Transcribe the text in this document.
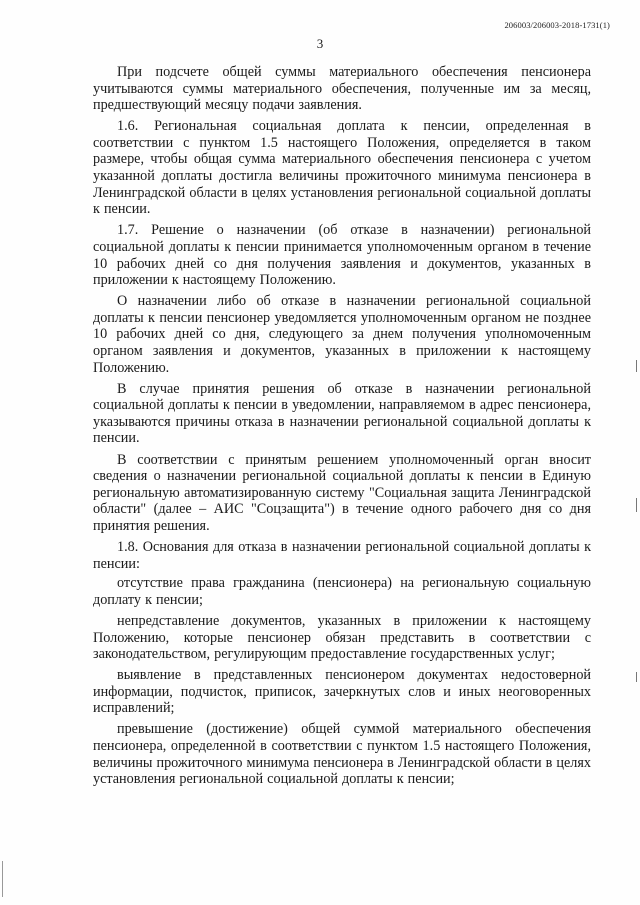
206003/206003-2018-1731(1)
3

При подсчете общей суммы материального обеспечения пенсионера учитываются суммы материального обеспечения, полученные им за месяц, предшествующий месяцу подачи заявления.

1.6. Региональная социальная доплата к пенсии, определенная в соответствии с пунктом 1.5 настоящего Положения, определяется в таком размере, чтобы общая сумма материального обеспечения пенсионера с учетом указанной доплаты достигла величины прожиточного минимума пенсионера в Ленинградской области в целях установления региональной социальной доплаты к пенсии.

1.7. Решение о назначении (об отказе в назначении) региональной социальной доплаты к пенсии принимается уполномоченным органом в течение 10 рабочих дней со дня получения заявления и документов, указанных в приложении к настоящему Положению.

О назначении либо об отказе в назначении региональной социальной доплаты к пенсии пенсионер уведомляется уполномоченным органом не позднее 10 рабочих дней со дня, следующего за днем получения уполномоченным органом заявления и документов, указанных в приложении к настоящему Положению.

В случае принятия решения об отказе в назначении региональной социальной доплаты к пенсии в уведомлении, направляемом в адрес пенсионера, указываются причины отказа в назначении региональной социальной доплаты к пенсии.

В соответствии с принятым решением уполномоченный орган вносит сведения о назначении региональной социальной доплаты к пенсии в Единую региональную автоматизированную систему "Социальная защита Ленинградской области" (далее – АИС "Соцзащита") в течение одного рабочего дня со дня принятия решения.

1.8. Основания для отказа в назначении региональной социальной доплаты к пенсии:

отсутствие права гражданина (пенсионера) на региональную социальную доплату к пенсии;

непредставление документов, указанных в приложении к настоящему Положению, которые пенсионер обязан представить в соответствии с законодательством, регулирующим предоставление государственных услуг;

выявление в представленных пенсионером документах недостоверной информации, подчисток, приписок, зачеркнутых слов и иных неоговоренных исправлений;

превышение (достижение) общей суммой материального обеспечения пенсионера, определенной в соответствии с пунктом 1.5 настоящего Положения, величины прожиточного минимума пенсионера в Ленинградской области в целях установления региональной социальной доплаты к пенсии;
